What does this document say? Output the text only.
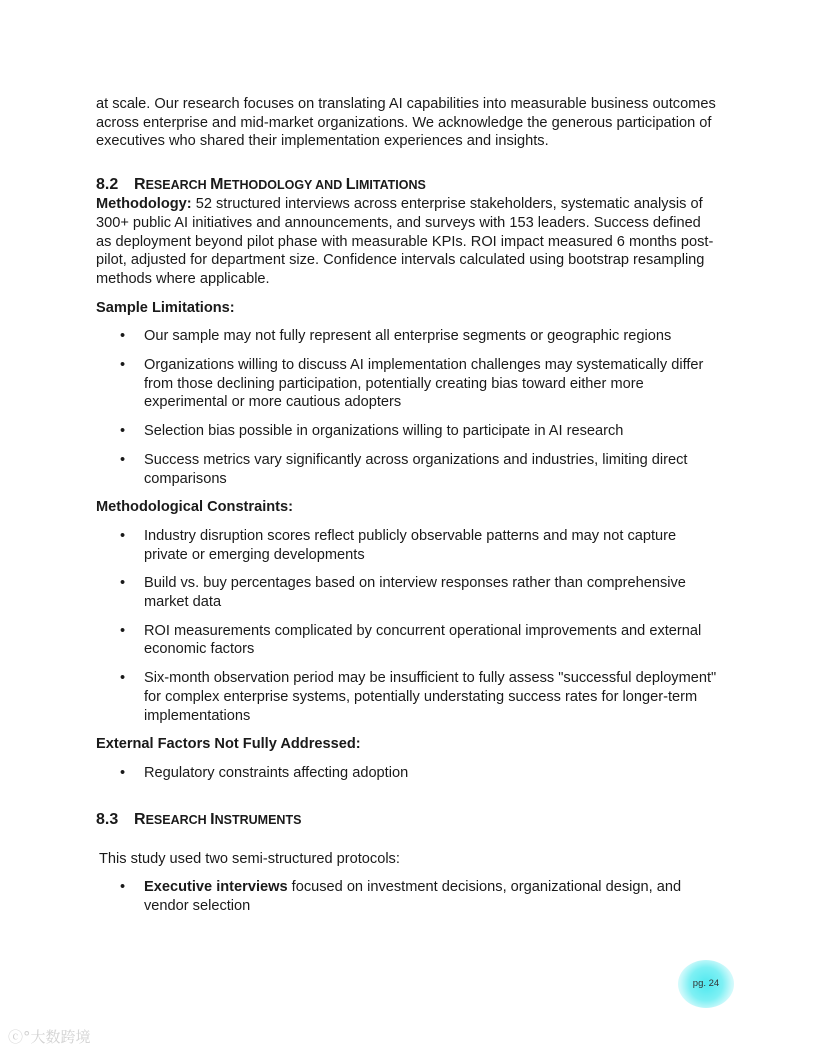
at scale. Our research focuses on translating AI capabilities into measurable business outcomes across enterprise and mid-market organizations. We acknowledge the generous participation of executives who shared their implementation experiences and insights.

8.2 RESEARCH METHODOLOGY AND LIMITATIONS

Methodology: 52 structured interviews across enterprise stakeholders, systematic analysis of 300+ public AI initiatives and announcements, and surveys with 153 leaders. Success defined as deployment beyond pilot phase with measurable KPIs. ROI impact measured 6 months post-pilot, adjusted for department size. Confidence intervals calculated using bootstrap resampling methods where applicable.

Sample Limitations:

• Our sample may not fully represent all enterprise segments or geographic regions
• Organizations willing to discuss AI implementation challenges may systematically differ from those declining participation, potentially creating bias toward either more experimental or more cautious adopters
• Selection bias possible in organizations willing to participate in AI research
• Success metrics vary significantly across organizations and industries, limiting direct comparisons

Methodological Constraints:

• Industry disruption scores reflect publicly observable patterns and may not capture private or emerging developments
• Build vs. buy percentages based on interview responses rather than comprehensive market data
• ROI measurements complicated by concurrent operational improvements and external economic factors
• Six-month observation period may be insufficient to fully assess "successful deployment" for complex enterprise systems, potentially understating success rates for longer-term implementations

External Factors Not Fully Addressed:

• Regulatory constraints affecting adoption
8.3 RESEARCH INSTRUMENTS

This study used two semi-structured protocols:

• Executive interviews focused on investment decisions, organizational design, and vendor selection
pg. 24
ⓒ°大数跨境
